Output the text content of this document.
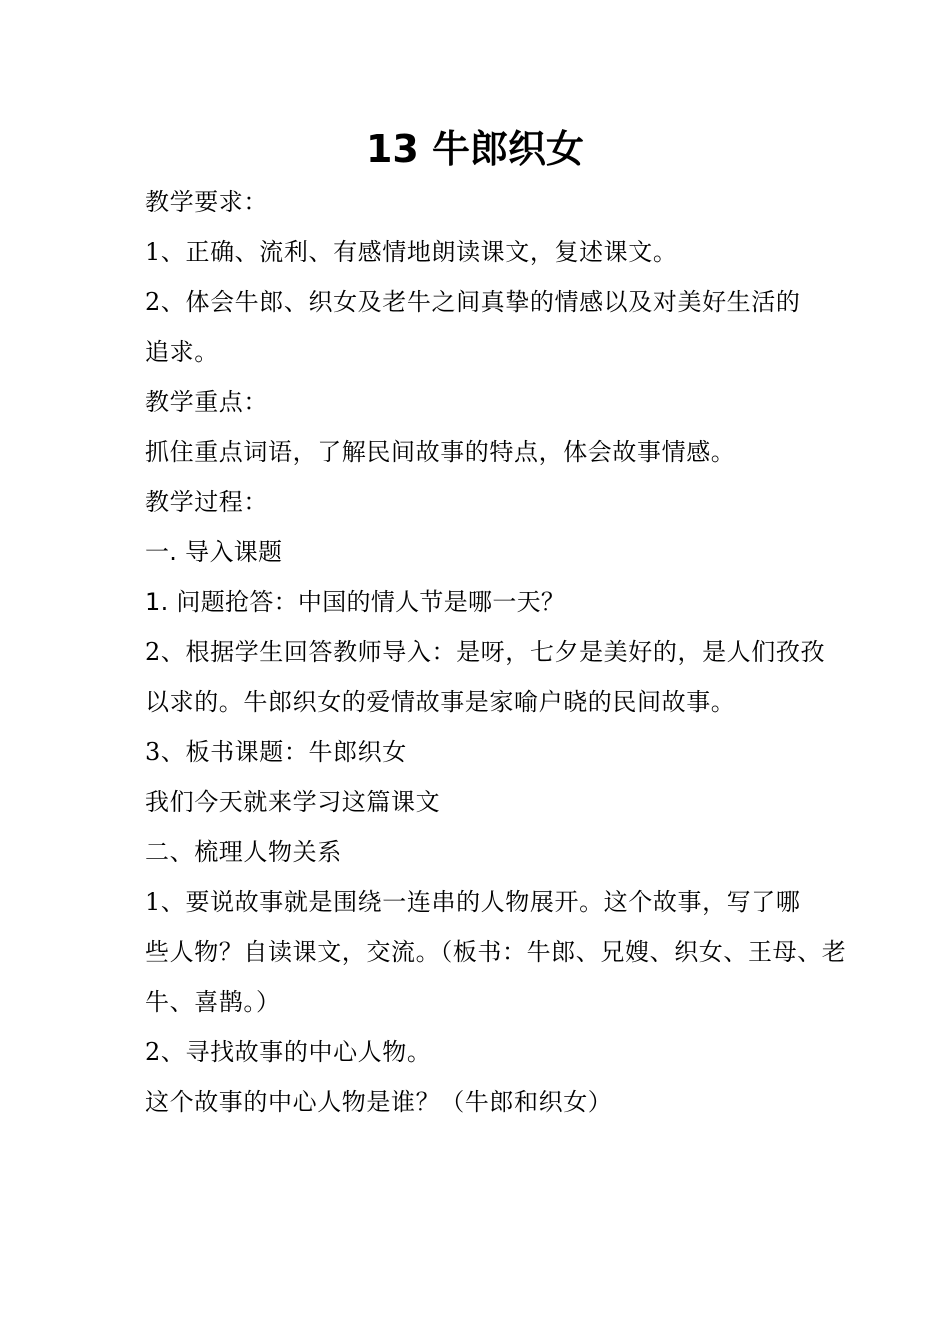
13 牛郎织女

教学要求：

1、正确、流利、有感情地朗读课文，复述课文。

2、体会牛郎、织女及老牛之间真挚的情感以及对美好生活的

追求。

教学重点：

抓住重点词语，了解民间故事的特点，体会故事情感。

教学过程：

一. 导入课题

1. 问题抢答：中国的情人节是哪一天？

2、根据学生回答教师导入：是呀，七夕是美好的，是人们孜孜

以求的。牛郎织女的爱情故事是家喻户晓的民间故事。

3、板书课题：牛郎织女

我们今天就来学习这篇课文

二、梳理人物关系

1、要说故事就是围绕一连串的人物展开。这个故事，写了哪

些人物？自读课文，交流。（板书：牛郎、兄嫂、织女、王母、老

牛、喜鹊。）

2、寻找故事的中心人物。

这个故事的中心人物是谁？（牛郎和织女）
